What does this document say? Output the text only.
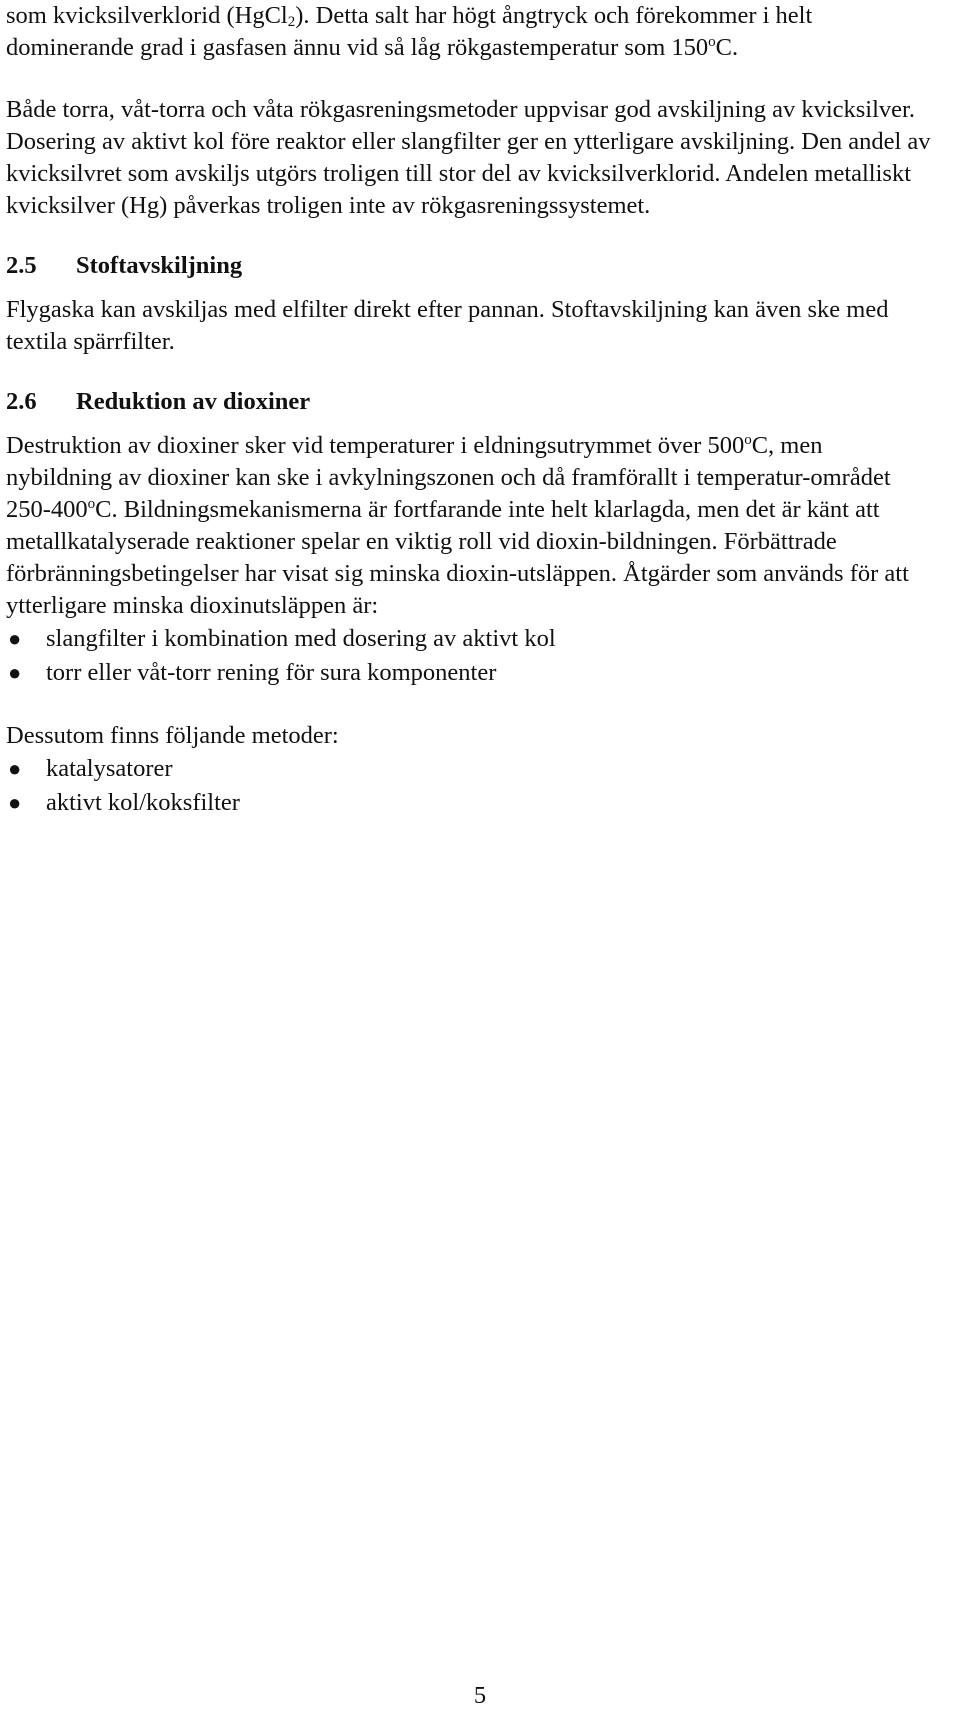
som kvicksilverklorid (HgCl$_2$). Detta salt har högt ångtryck och förekommer i helt dominerande grad i gasfasen ännu vid så låg rökgastemperatur som 150$^o$C.

Både torra, våt-torra och våta rökgasreningsmetoder uppvisar god avskiljning av kvicksilver. Dosering av aktivt kol före reaktor eller slangfilter ger en ytterligare avskiljning. Den andel av kvicksilvret som avskiljs utgörs troligen till stor del av kvicksilverklorid. Andelen metalliskt kvicksilver (Hg) påverkas troligen inte av rökgasreningssystemet.

2.5 Stoftavskiljning

Flygaska kan avskiljas med elfilter direkt efter pannan. Stoftavskiljning kan även ske med textila spärrfilter.

2.6 Reduktion av dioxiner

Destruktion av dioxiner sker vid temperaturer i eldningsutrymmet över 500$^o$C, men nybildning av dioxiner kan ske i avkylningszonen och då framförallt i temperatur-området 250-400$^o$C. Bildningsmekanismerna är fortfarande inte helt klarlagda, men det är känt att metallkatalyserade reaktioner spelar en viktig roll vid dioxin-bildningen. Förbättrade förbränningsbetingelser har visat sig minska dioxin-utsläppen. Åtgärder som används för att ytterligare minska dioxinutsläppen är:

● slangfilter i kombination med dosering av aktivt kol
● torr eller våt-torr rening för sura komponenter

Dessutom finns följande metoder:

● katalysatorer
● aktivt kol/koksfilter
5
